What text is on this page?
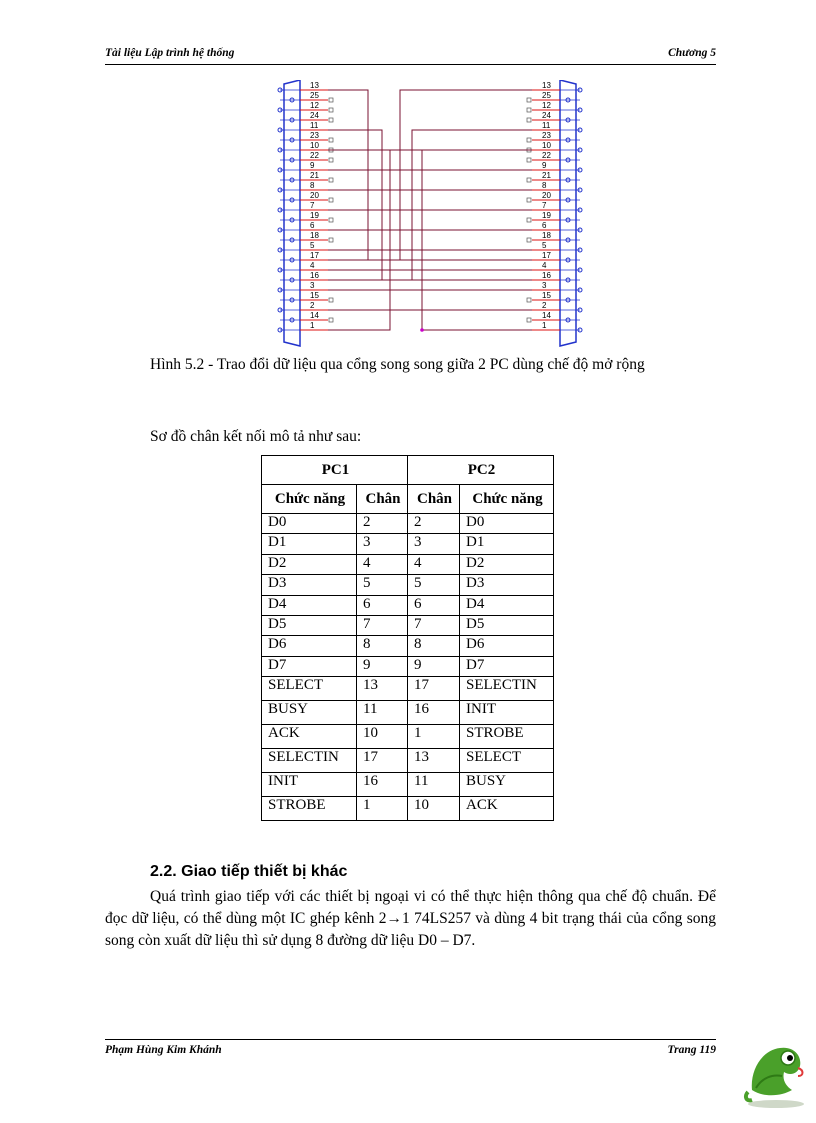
Tài liệu Lập trình hệ thống	Chương 5
13
25
12
24
11
23
10
22
9
21
8
20
7
19
6
18
5
17
4
16
3
15
2
14
1
13
25
12
24
11
23
10
22
9
21
8
20
7
19
6
18
5
17
4
16
3
15
2
14
1
Hình 5.2 - Trao đổi dữ liệu qua cổng song song giữa 2 PC dùng chế độ mở rộng
Sơ đồ chân kết nối mô tả như sau:
PC1		PC2	
Chức năng	Chân	Chân	Chức năng
D0	2	2	D0
D1	3	3	D1
D2	4	4	D2
D3	5	5	D3
D4	6	6	D4
D5	7	7	D5
D6	8	8	D6
D7	9	9	D7
SELECT	13	17	SELECTIN
BUSY	11	16	INIT
$\overline{ACK}$	10	1	STROBE
SELECTIN	17	13	SELECT
INIT	16	11	BUSY
STROBE	1	10	$\overline{ACK}$
2.2. Giao tiếp thiết bị khác
Quá trình giao tiếp với các thiết bị ngoại vi có thể thực hiện thông qua chế độ chuẩn. Để đọc dữ liệu, có thể dùng một IC ghép kênh 2→1 74LS257 và dùng 4 bit trạng thái của cổng song song còn xuất dữ liệu thì sử dụng 8 đường dữ liệu D0 – D7.
Phạm Hùng Kim Khánh	Trang 119
